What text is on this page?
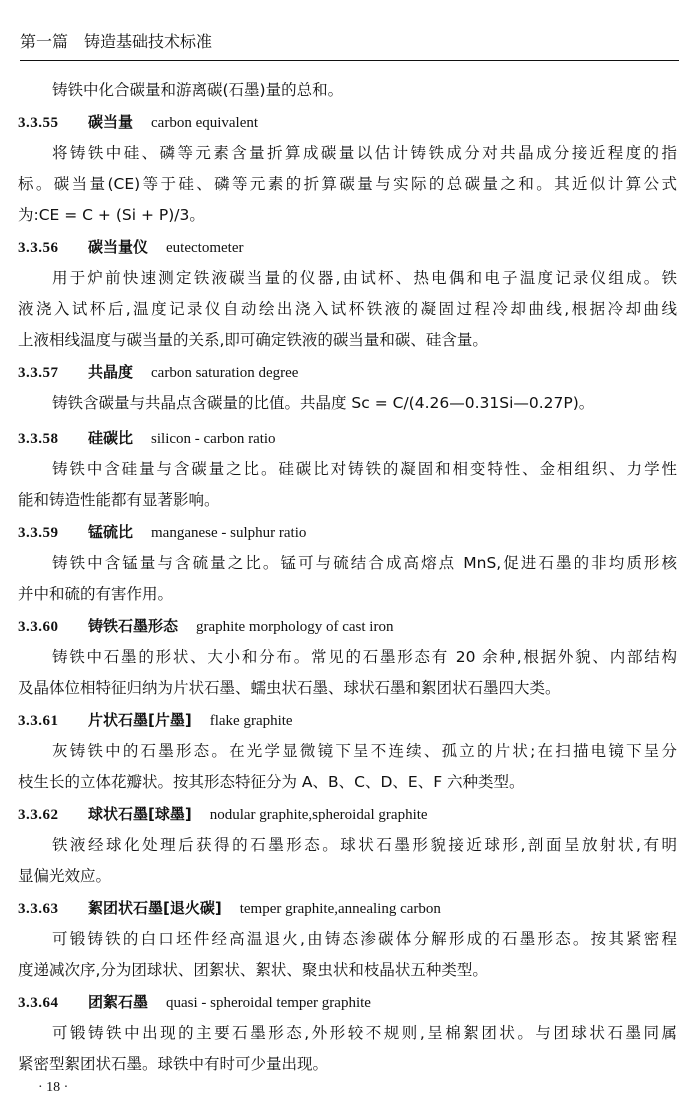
第一篇　铸造基础技术标准
铸铁中化合碳量和游离碳(石墨)量的总和。
3.3.55 碳当量 carbon equivalent
将铸铁中硅、磷等元素含量折算成碳量以估计铸铁成分对共晶成分接近程度的指
标。碳当量(CE)等于硅、磷等元素的折算碳量与实际的总碳量之和。其近似计算公式
为:CE = C + (Si + P)/3。
3.3.56 碳当量仪 eutectometer
用于炉前快速测定铁液碳当量的仪器,由试杯、热电偶和电子温度记录仪组成。铁
液浇入试杯后,温度记录仪自动绘出浇入试杯铁液的凝固过程冷却曲线,根据冷却曲线
上液相线温度与碳当量的关系,即可确定铁液的碳当量和碳、硅含量。
3.3.57 共晶度 carbon saturation degree
铸铁含碳量与共晶点含碳量的比值。共晶度 Sc = C/(4.26—0.31Si—0.27P)。
3.3.58 硅碳比 silicon - carbon ratio
铸铁中含硅量与含碳量之比。硅碳比对铸铁的凝固和相变特性、金相组织、力学性
能和铸造性能都有显著影响。
3.3.59 锰硫比 manganese - sulphur ratio
铸铁中含锰量与含硫量之比。锰可与硫结合成高熔点 MnS,促进石墨的非均质形核
并中和硫的有害作用。
3.3.60 铸铁石墨形态 graphite morphology of cast iron
铸铁中石墨的形状、大小和分布。常见的石墨形态有 20 余种,根据外貌、内部结构
及晶体位相特征归纳为片状石墨、蠕虫状石墨、球状石墨和絮团状石墨四大类。
3.3.61 片状石墨[片墨] flake graphite
灰铸铁中的石墨形态。在光学显微镜下呈不连续、孤立的片状;在扫描电镜下呈分
枝生长的立体花瓣状。按其形态特征分为 A、B、C、D、E、F 六种类型。
3.3.62 球状石墨[球墨] nodular graphite,spheroidal graphite
铁液经球化处理后获得的石墨形态。球状石墨形貌接近球形,剖面呈放射状,有明
显偏光效应。
3.3.63 絮团状石墨[退火碳] temper graphite,annealing carbon
可锻铸铁的白口坯件经高温退火,由铸态渗碳体分解形成的石墨形态。按其紧密程
度递减次序,分为团球状、团絮状、絮状、聚虫状和枝晶状五种类型。
3.3.64 团絮石墨 quasi - spheroidal temper graphite
可锻铸铁中出现的主要石墨形态,外形较不规则,呈棉絮团状。与团球状石墨同属
紧密型絮团状石墨。球铁中有时可少量出现。
· 18 ·
